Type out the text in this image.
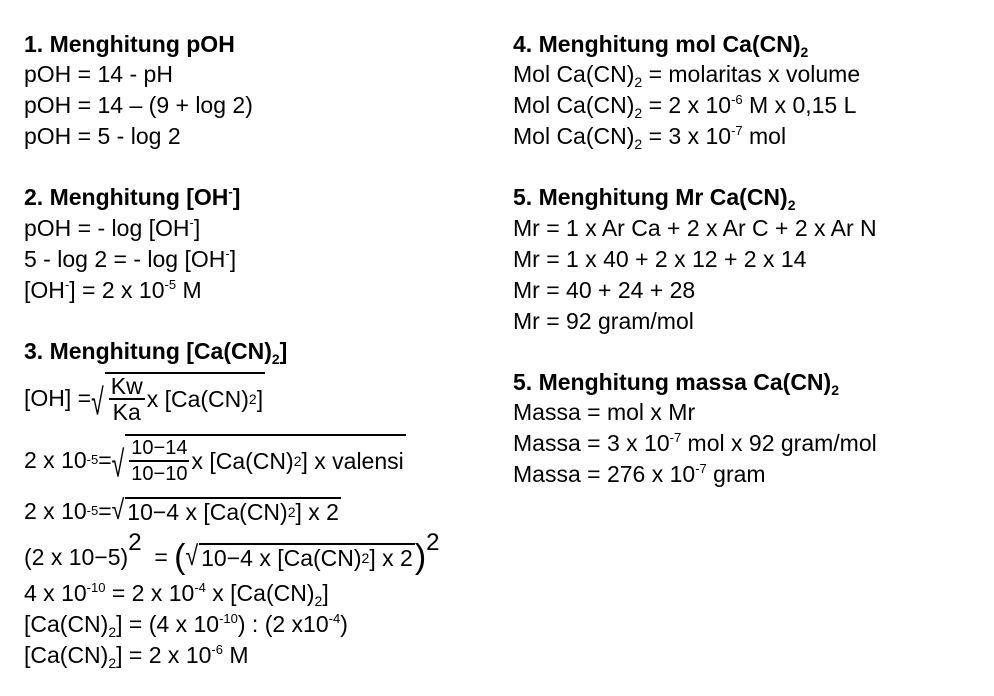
1. Menghitung pOH
pOH = 14 - pH
pOH = 14 – (9 + log 2)
pOH = 5 - log 2
2. Menghitung [OH-]
pOH = - log [OH-]
5 - log 2 = - log [OH-]
[OH-] = 2 x $10^{-5}$ M
3. Menghitung $[Ca(CN)_2]$
[OH] = √ $\frac{Kw}{Ka}$ x [Ca(CN) 2 ]
2 x 10 -5 = √ $\frac{10-14}{10-10}$ x [Ca(CN) 2 ] x valensi
2 x 10 -5 = √ 10−4 x [Ca(CN) 2 ] x 2
(2 x 10−5)
2
= ( √ 10−4 x [Ca(CN) 2 ] x 2 ) 2
4 x $10^{-10} = 2$ x $10^{-4}$ x $[Ca(CN)_2]$
$[Ca(CN)_2] = (4$ x $10^{-10}$) : (2 $x10^{-4}$)
$[Ca(CN)_2] = 2$ x $10^{-6}$ M
4. Menghitung mol $Ca(CN)_2$
Mol $Ca(CN)_2$ = molaritas x volume
Mol $Ca(CN)_2 = 2$ x $10^{-6}$ M x 0,15 L
Mol $Ca(CN)_2 = 3$ x $10^{-7}$ mol
5. Menghitung Mr $Ca(CN)_2$
Mr = 1 x Ar Ca + 2 x Ar C + 2 x Ar N
Mr = 1 x 40 + 2 x 12 + 2 x 14
Mr = 40 + 24 + 28
Mr = 92 gram/mol
5. Menghitung massa $Ca(CN)_2$
Massa = mol x Mr
Massa = 3 x $10^{-7}$ mol x 92 gram/mol
Massa = 276 x $10^{-7}$ gram
